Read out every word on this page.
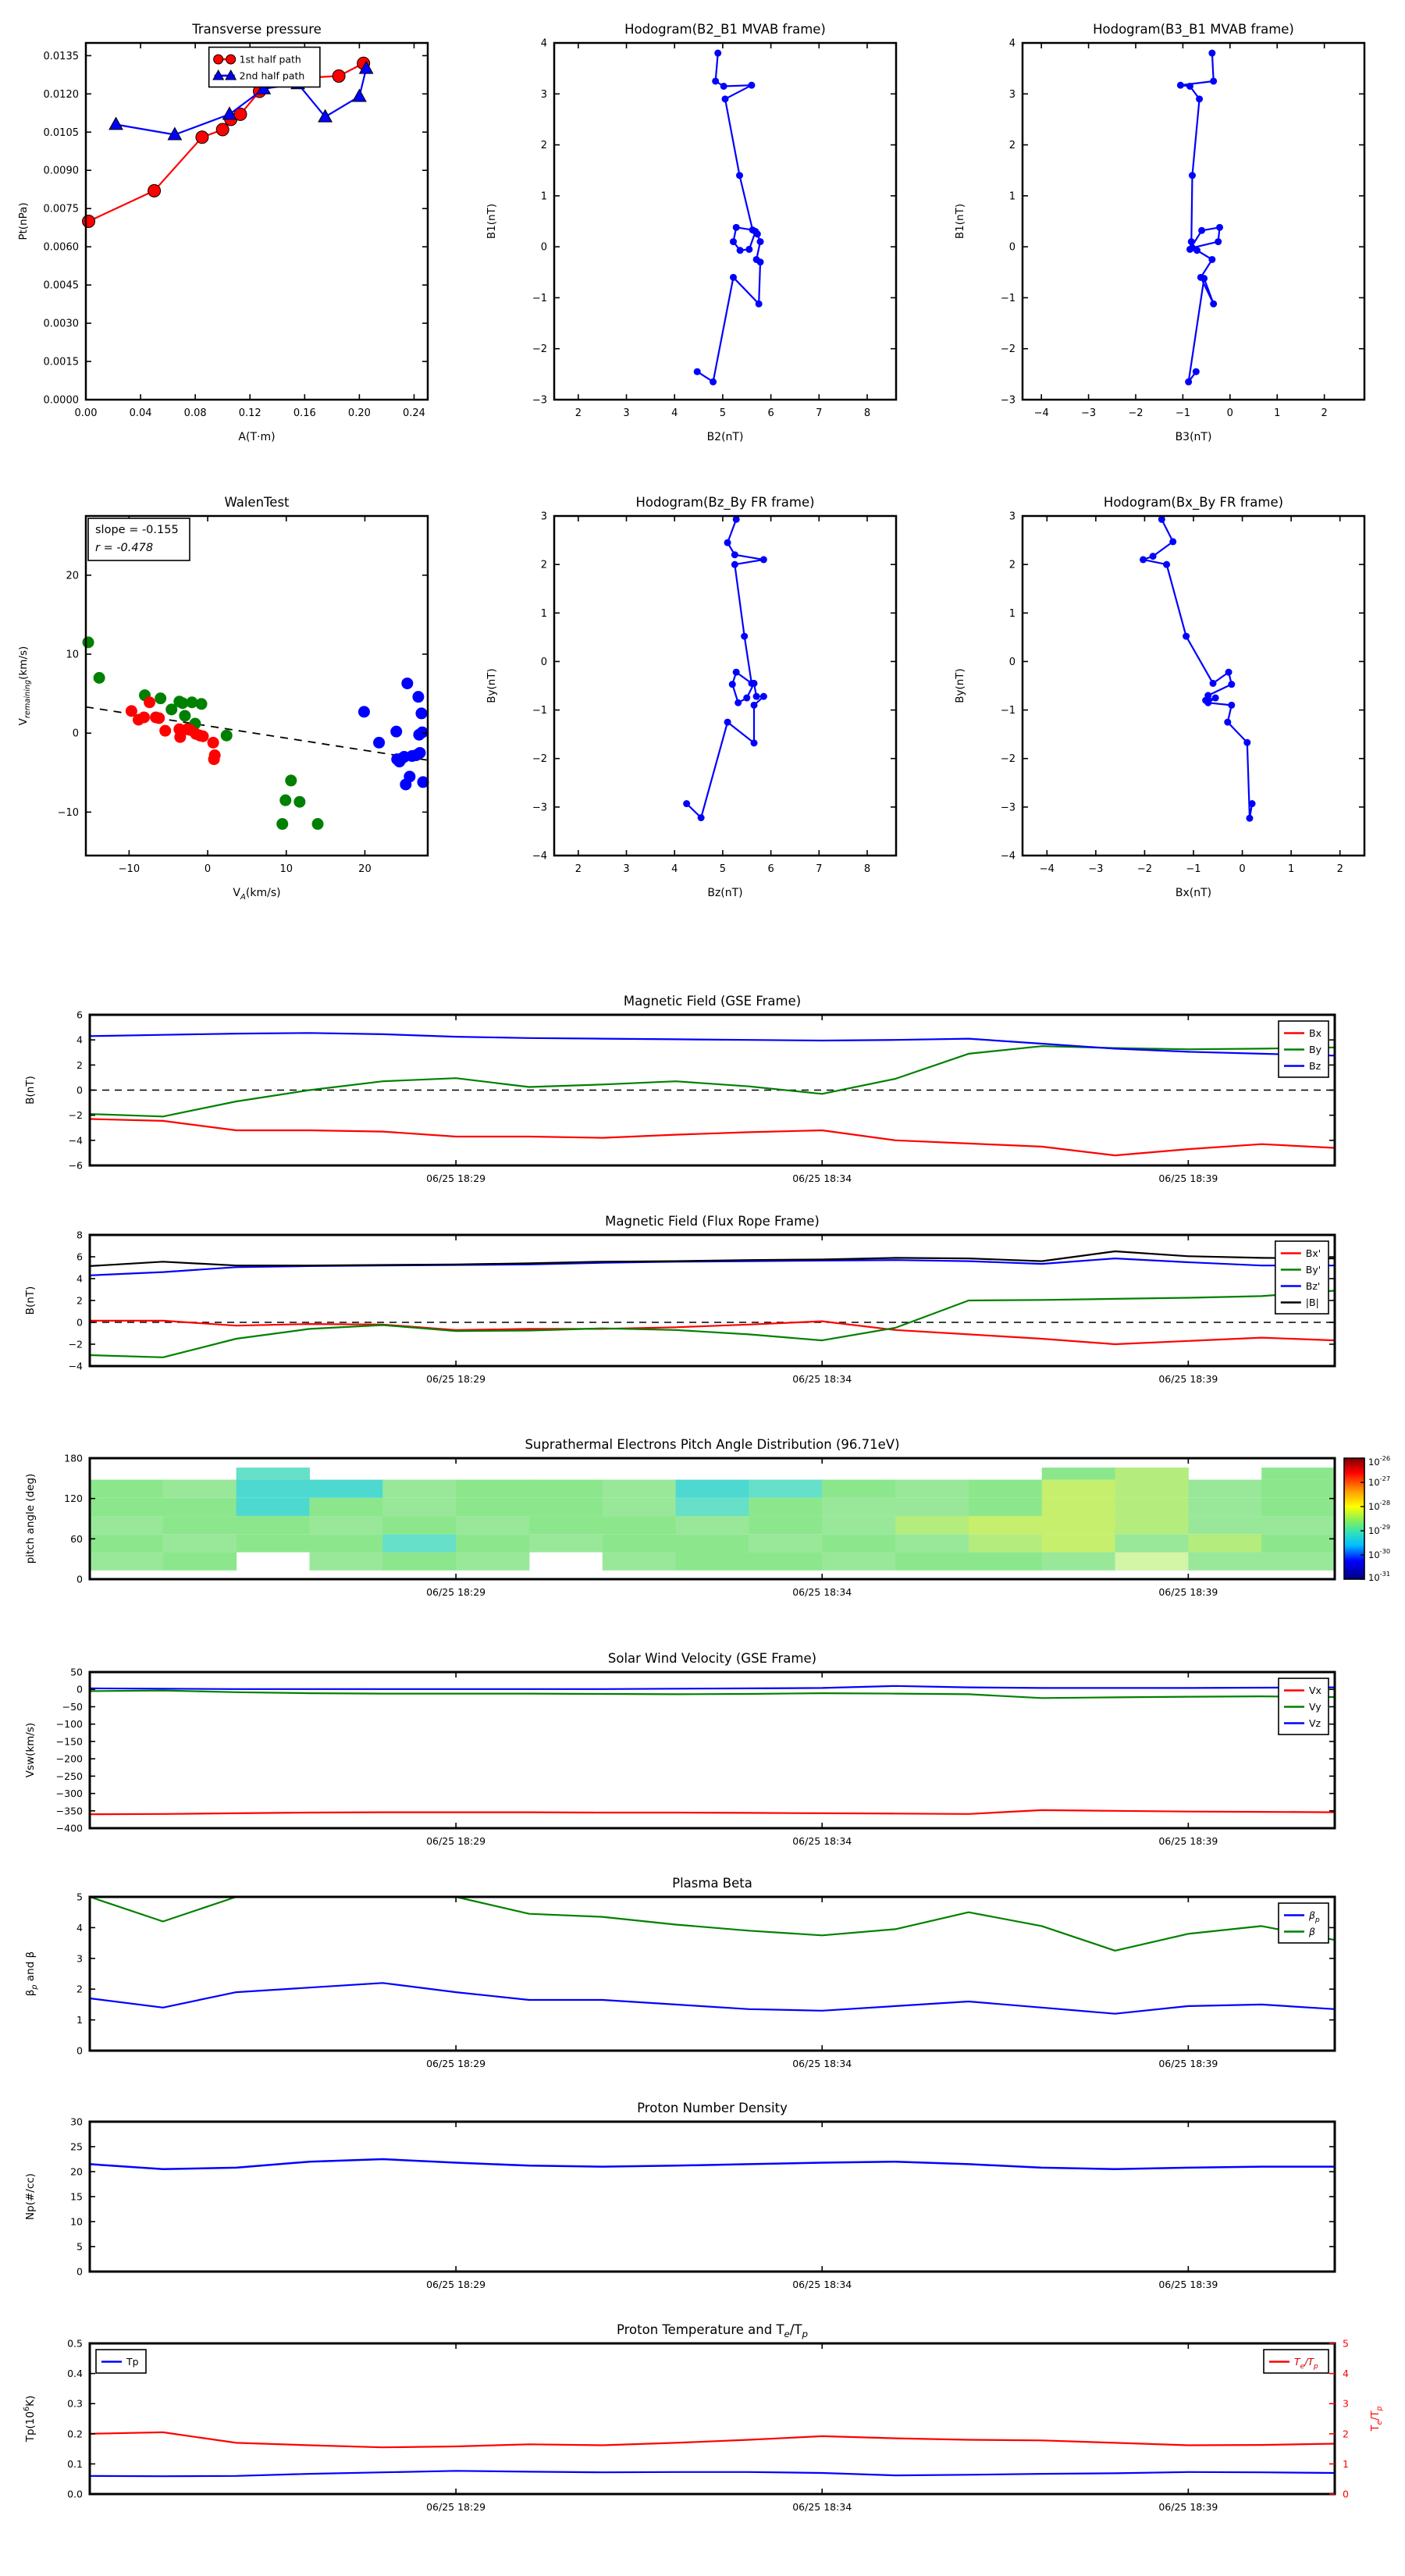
0.00	0.04	0.08	0.12	0.16	0.20	0.24
0.0000
0.0015
0.0030
0.0045
0.0060
0.0075
0.0090
0.0105
0.0120
0.0135
Transverse pressure
A(T·m)
Pt(nPa)
1st half path
2nd half path
2	3	4	5	6	7	8
−3
−2
−1
0
1
2
3
4
Hodogram(B2_B1 MVAB frame)
B2(nT)
B1(nT)
−4	−3	−2	−1	0	1	2
−3
−2
−1
0
1
2
3
4
Hodogram(B3_B1 MVAB frame)
B3(nT)
B1(nT)
−10	0	10	20
−10
0
10
20
WalenTest
$V_A(km/s)$
$V_{remaining}(km/s)$
slope = -0.155
r = -0.478
2	3	4	5	6	7	8
−4
−3
−2
−1
0
1
2
3
Hodogram(Bz_By FR frame)
Bz(nT)
By(nT)
−4	−3	−2	−1	0	1	2
−4
−3
−2
−1
0
1
2
3
Hodogram(Bx_By FR frame)
Bx(nT)
By(nT)
06/25 18:29	06/25 18:34	06/25 18:39
−6
−4
−2
0
2
4
6
Magnetic Field (GSE Frame)
B(nT)
Bx
By
Bz
06/25 18:29	06/25 18:34	06/25 18:39
−4
−2
0
2
4
6
8
Magnetic Field (Flux Rope Frame)
B(nT)
Bx'
By'
Bz'
|B|
06/25 18:29	06/25 18:34	06/25 18:39
0
60
120
180
Suprathermal Electrons Pitch Angle Distribution (96.71eV)
pitch angle (deg)
$10^{-26}$
$10^{-27}$
$10^{-28}$
$10^{-29}$
$10^{-30}$
$10^{-31}$
06/25 18:29	06/25 18:34	06/25 18:39
−400
−350
−300
−250
−200
−150
−100
−50
0
50
Solar Wind Velocity (GSE Frame)
Vsw(km/s)
Vx
Vy
Vz
06/25 18:29	06/25 18:34	06/25 18:39
0
1
2
3
4
5
Plasma Beta
$\beta_p$ and β
$\beta_p$
β
06/25 18:29	06/25 18:34	06/25 18:39
0
5
10
15
20
25
30
Proton Number Density
Np(#/cc)
06/25 18:29	06/25 18:34	06/25 18:39
0.0
0.1
0.2
0.3
0.4
0.5
0
1
2
3
4
5
$T_e/T_p$
Proton Temperature and $T_e/T_p$
$Tp(10^6K)$
Tp	$T_e/T_p$
